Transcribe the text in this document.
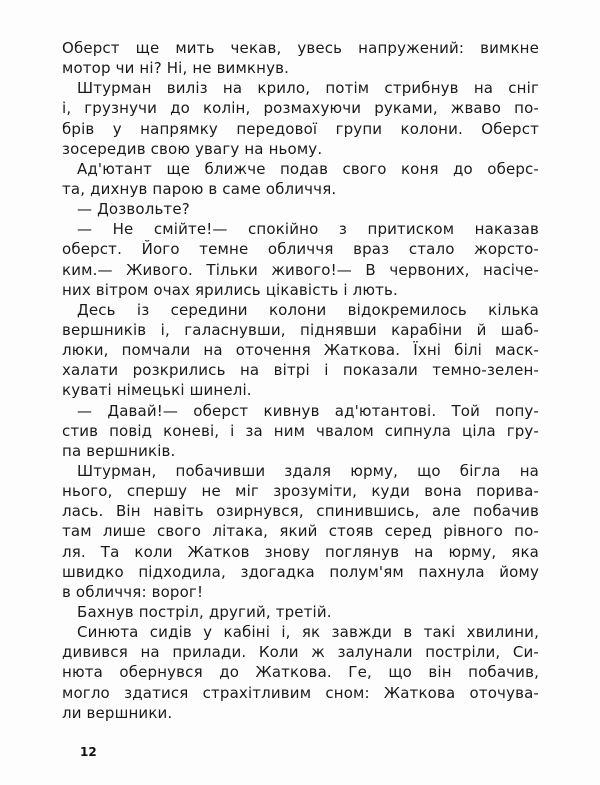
Оберст ще мить чекав, увесь напружений: вимкне
мотор чи ні? Ні, не вимкнув.
Штурман виліз на крило, потім стрибнув на сніг
і, грузнучи до колін, розмахуючи руками, жваво по-
брів у напрямку передової групи колони. Оберст
зосередив свою увагу на ньому.
Ад'ютант ще ближче подав свого коня до оберс-
та, дихнув парою в саме обличчя.
— Дозвольте?
— Не смійте!— спокійно з притиском наказав
оберст. Його темне обличчя враз стало жорсто-
ким.— Живого. Тільки живого!— В червоних, насіче-
них вітром очах ярились цікавість і лють.
Десь із середини колони відокремилось кілька
вершників і, галаснувши, піднявши карабіни й шаб-
люки, помчали на оточення Жаткова. Їхні білі маск-
халати розкрились на вітрі і показали темно-зелен-
куваті німецькі шинелі.
— Давай!— оберст кивнув ад'ютантові. Той попу-
стив повід коневі, і за ним чвалом сипнула ціла гру-
па вершників.
Штурман, побачивши здаля юрму, що бігла на
нього, спершу не міг зрозуміти, куди вона порива-
лась. Він навіть озирнувся, спинившись, але побачив
там лише свого літака, який стояв серед рівного по-
ля. Та коли Жатков знову поглянув на юрму, яка
швидко підходила, здогадка полум'ям пахнула йому
в обличчя: ворог!
Бахнув постріл, другий, третій.
Синюта сидів у кабіні і, як завжди в такі хвилини,
дивився на прилади. Коли ж залунали постріли, Си-
нюта обернувся до Жаткова. Ге, що він побачив,
могло здатися страхітливим сном: Жаткова оточува-
ли вершники.
12
